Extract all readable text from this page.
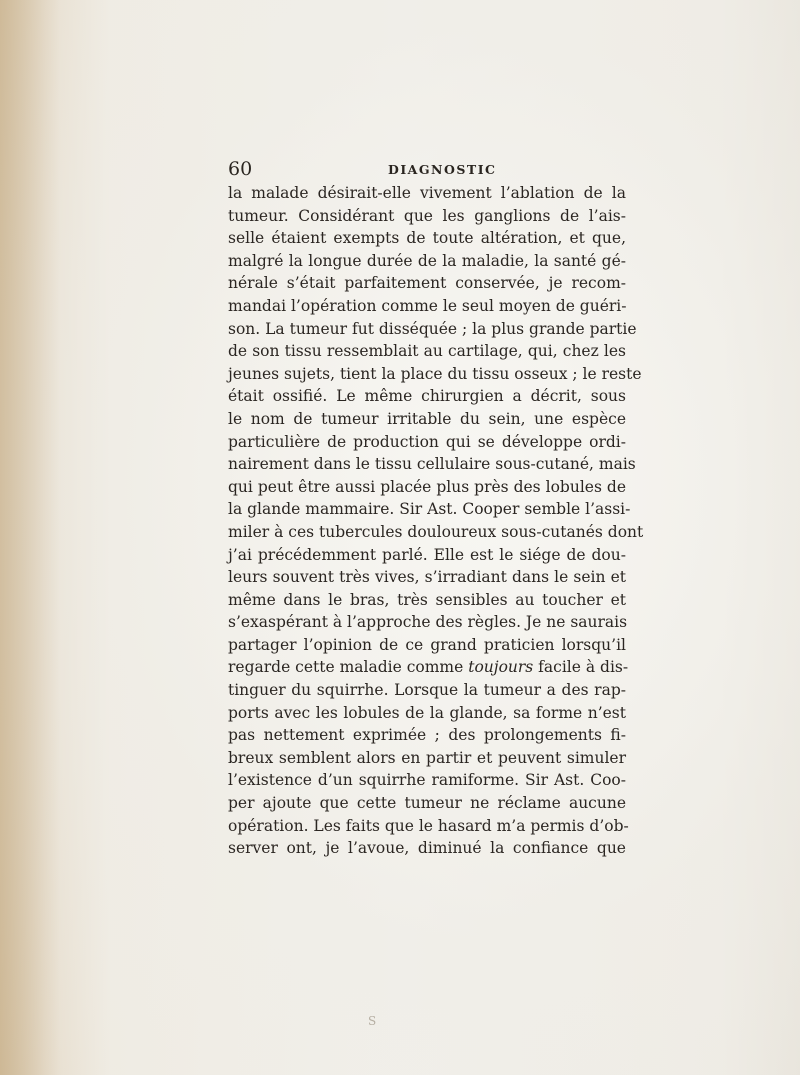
60	DIAGNOSTIC
la malade désirait-elle vivement l’ablation de la
tumeur. Considérant que les ganglions de l’ais-
selle étaient exempts de toute altération, et que,
malgré la longue durée de la maladie, la santé gé-
nérale s’était parfaitement conservée, je recom-
mandai l’opération comme le seul moyen de guéri-
son. La tumeur fut disséquée ; la plus grande partie
de son tissu ressemblait au cartilage, qui, chez les
jeunes sujets, tient la place du tissu osseux ; le reste
était ossifié. Le même chirurgien a décrit, sous
le nom de tumeur irritable du sein, une espèce
particulière de production qui se développe ordi-
nairement dans le tissu cellulaire sous-cutané, mais
qui peut être aussi placée plus près des lobules de
la glande mammaire. Sir Ast. Cooper semble l’assi-
miler à ces tubercules douloureux sous-cutanés dont
j’ai précédemment parlé. Elle est le siége de dou-
leurs souvent très vives, s’irradiant dans le sein et
même dans le bras, très sensibles au toucher et
s’exaspérant à l’approche des règles. Je ne saurais
partager l’opinion de ce grand praticien lorsqu’il
regarde cette maladie comme toujours facile à dis-
tinguer du squirrhe. Lorsque la tumeur a des rap-
ports avec les lobules de la glande, sa forme n’est
pas nettement exprimée ; des prolongements fi-
breux semblent alors en partir et peuvent simuler
l’existence d’un squirrhe ramiforme. Sir Ast. Coo-
per ajoute que cette tumeur ne réclame aucune
opération. Les faits que le hasard m’a permis d’ob-
server ont, je l’avoue, diminué la confiance que
S
